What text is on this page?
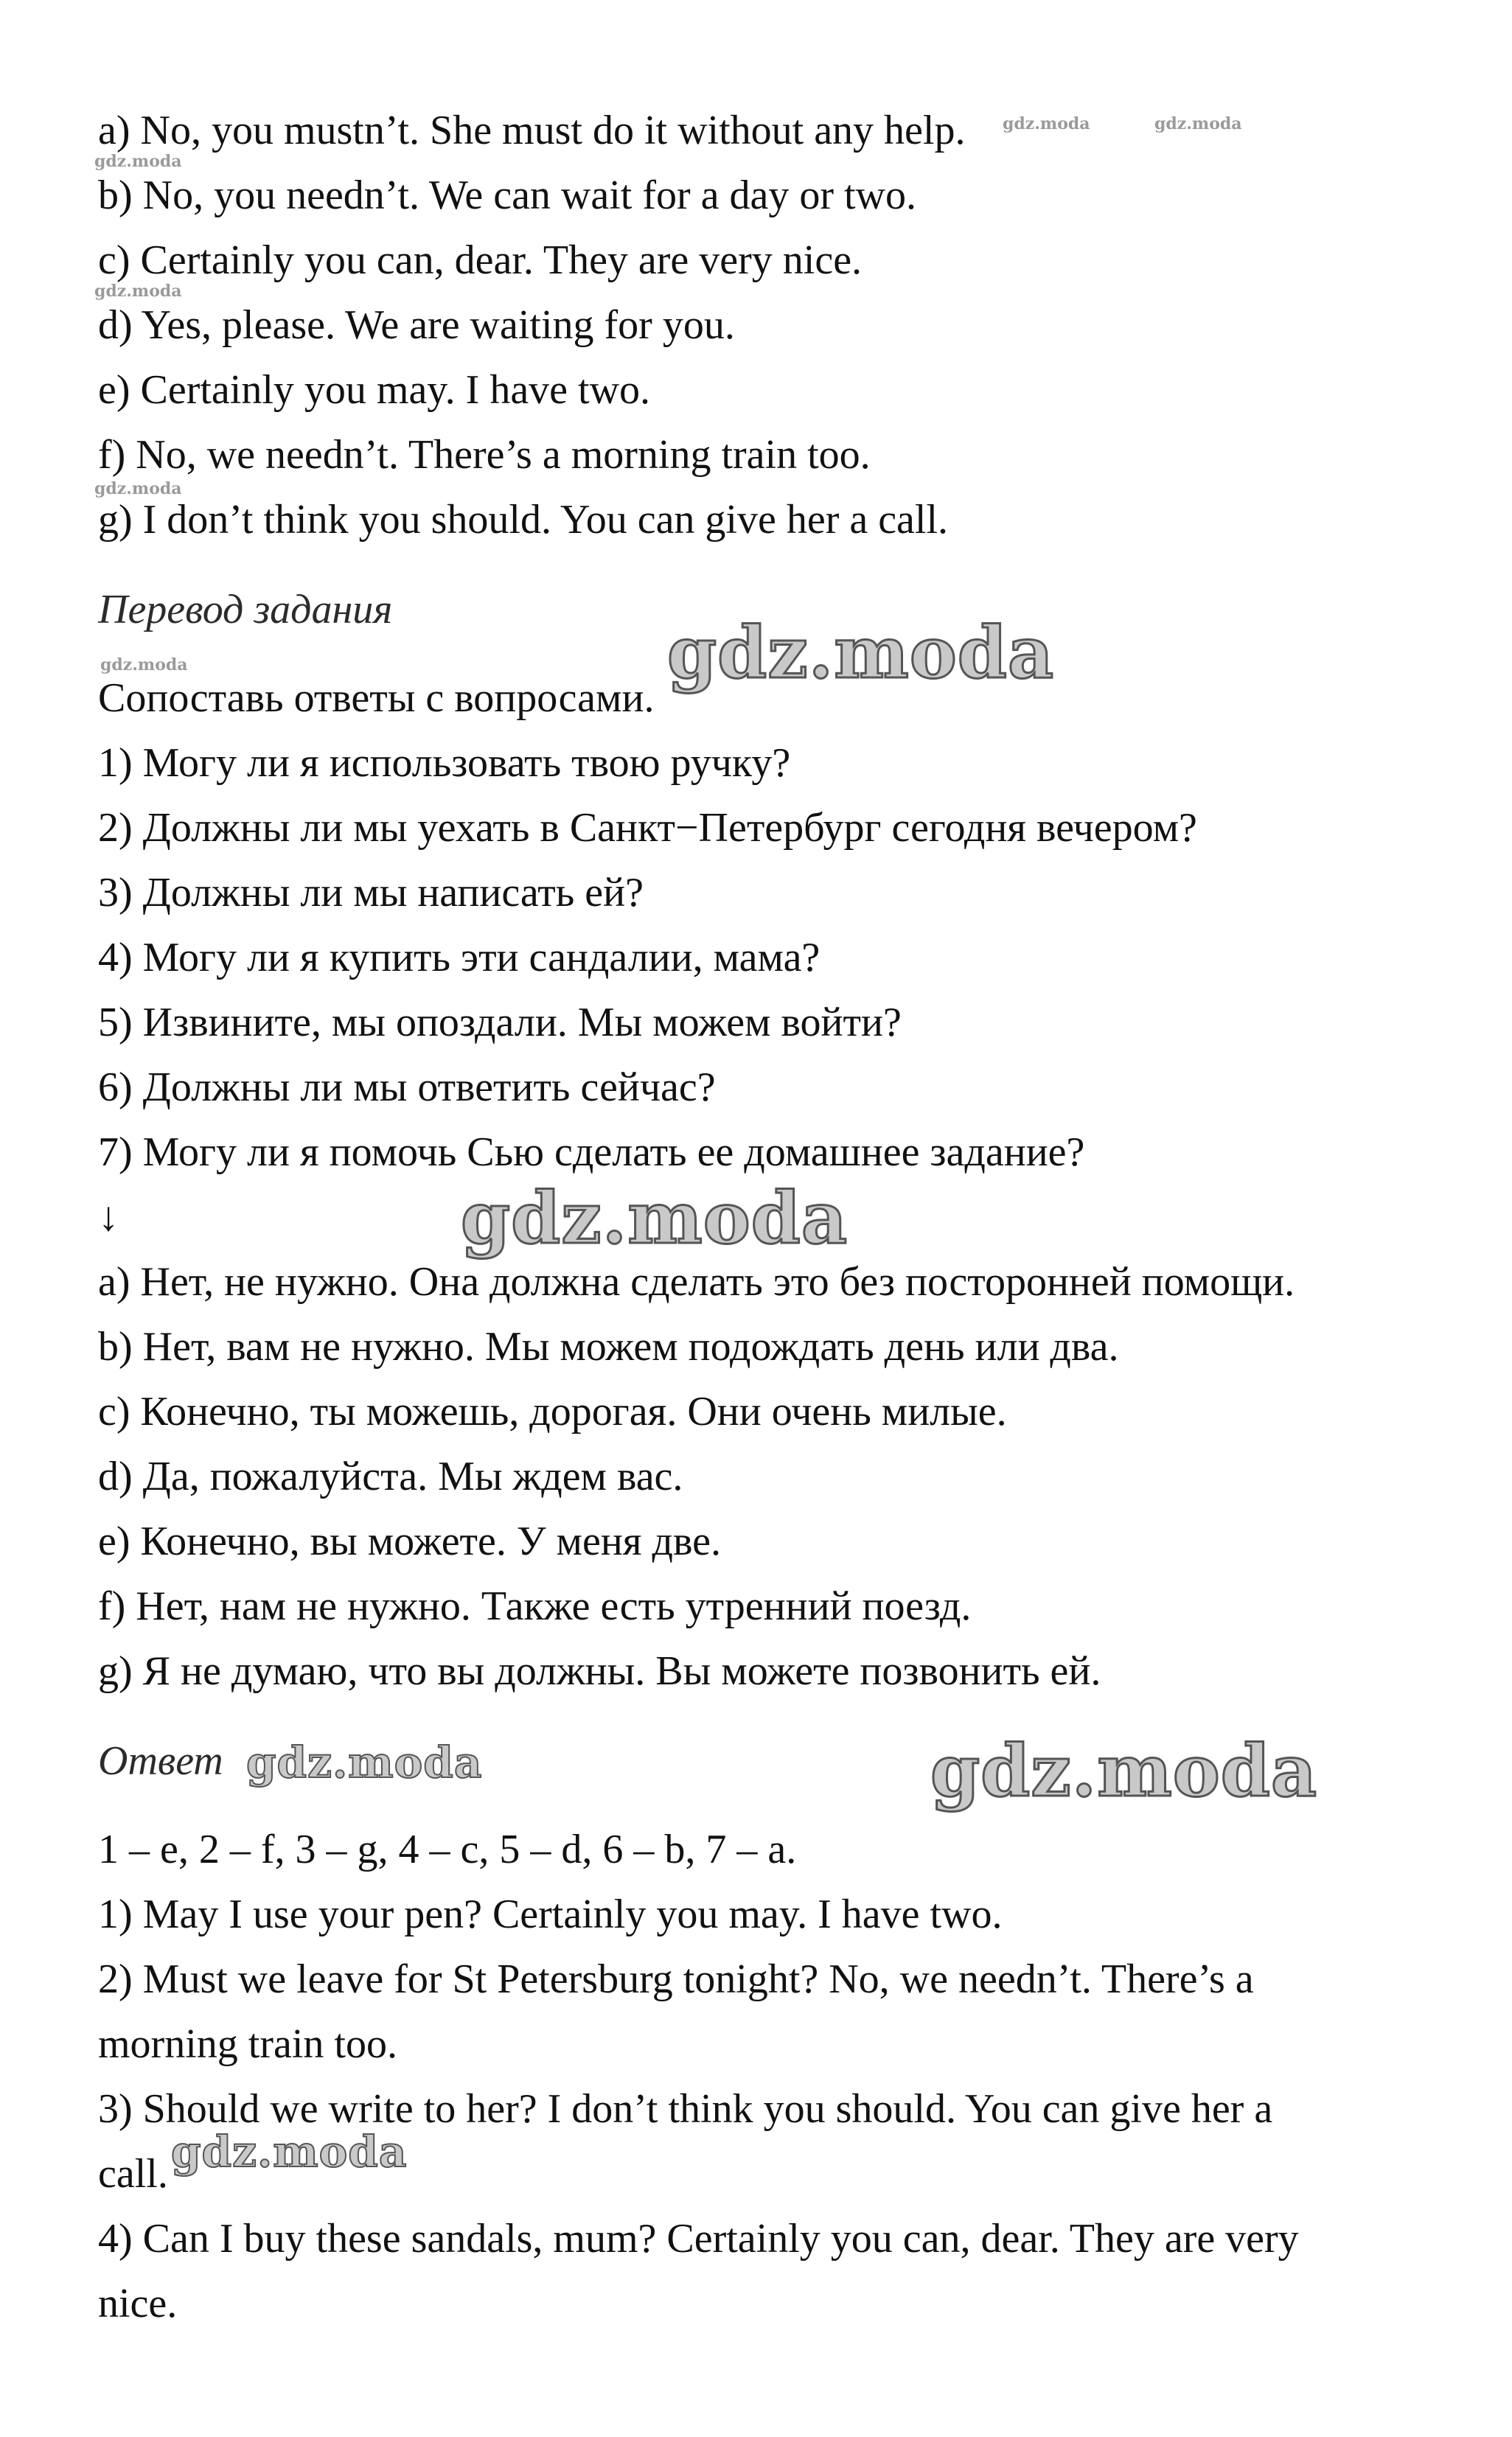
a) No, you mustn’t. She must do it without any help.

b) No, you needn’t. We can wait for a day or two.

c) Certainly you can, dear. They are very nice.

d) Yes, please. We are waiting for you.

e) Certainly you may. I have two.

f) No, we needn’t. There’s a morning train too.

g) I don’t think you should. You can give her a call.

Перевод задания

Сопоставь ответы с вопросами.

1) Могу ли я использовать твою ручку?

2) Должны ли мы уехать в Санкт−Петербург сегодня вечером?

3) Должны ли мы написать ей?

4) Могу ли я купить эти сандалии, мама?

5) Извините, мы опоздали. Мы можем войти?

6) Должны ли мы ответить сейчас?

7) Могу ли я помочь Сью сделать ее домашнее задание?

↓

a) Нет, не нужно. Она должна сделать это без посторонней помощи.

b) Нет, вам не нужно. Мы можем подождать день или два.

c) Конечно, ты можешь, дорогая. Они очень милые.

d) Да, пожалуйста. Мы ждем вас.

e) Конечно, вы можете. У меня две.

f) Нет, нам не нужно. Также есть утренний поезд.

g) Я не думаю, что вы должны. Вы можете позвонить ей.

Ответ

1 – e, 2 – f, 3 – g, 4 – c, 5 – d, 6 – b, 7 – a.

1) May I use your pen? Certainly you may. I have two.

2) Must we leave for St Petersburg tonight? No, we needn’t. There’s a

morning train too.

3) Should we write to her? I don’t think you should. You can give her a

call.

4) Can I buy these sandals, mum? Certainly you can, dear. They are very

nice.

gdz.moda	gdz.moda
gdz.moda
gdz.moda
gdz.moda
gdz.moda	gdz.moda
gdz.moda
gdz.moda	gdz.moda
gdz.moda
